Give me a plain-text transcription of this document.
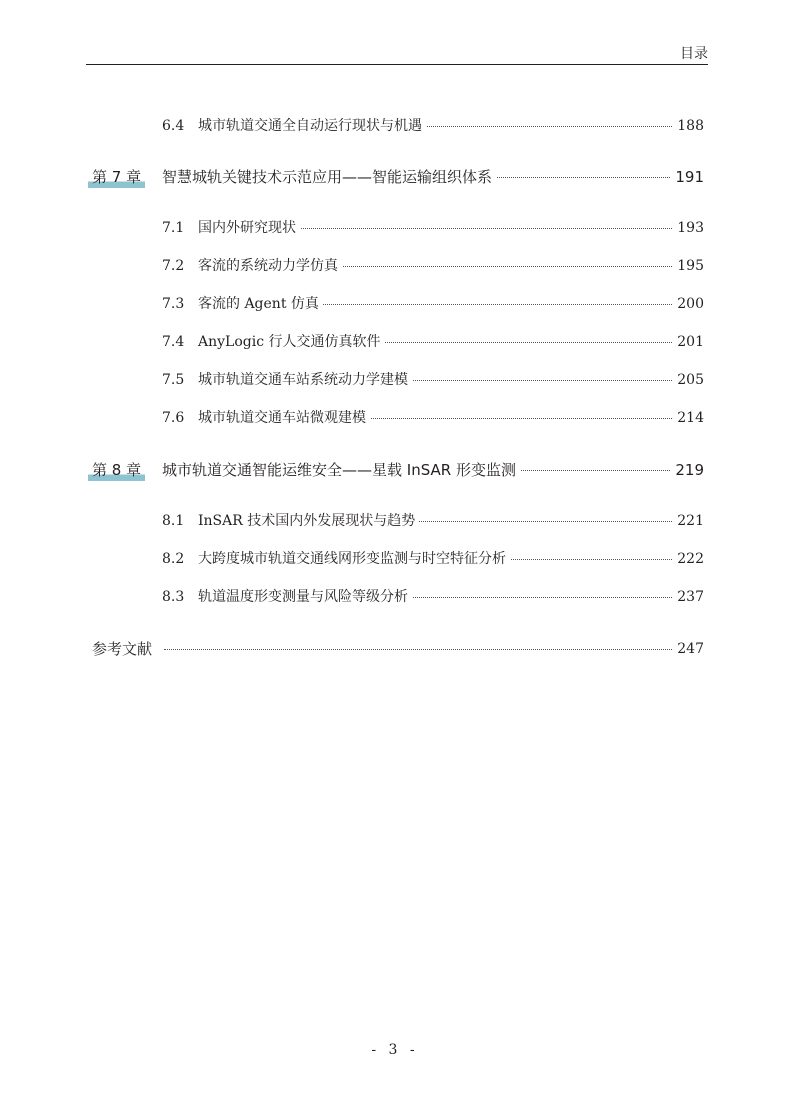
目录
6.4 城市轨道交通全自动运行现状与机遇	188
第 7 章 智慧城轨关键技术示范应用——智能运输组织体系	191
7.1 国内外研究现状	193
7.2 客流的系统动力学仿真	195
7.3 客流的 Agent 仿真	200
7.4 AnyLogic 行人交通仿真软件	201
7.5 城市轨道交通车站系统动力学建模	205
7.6 城市轨道交通车站微观建模	214
第 8 章 城市轨道交通智能运维安全——星载 InSAR 形变监测	219
8.1 InSAR 技术国内外发展现状与趋势	221
8.2 大跨度城市轨道交通线网形变监测与时空特征分析	222
8.3 轨道温度形变测量与风险等级分析	237
参考文献	247
- 3 -
